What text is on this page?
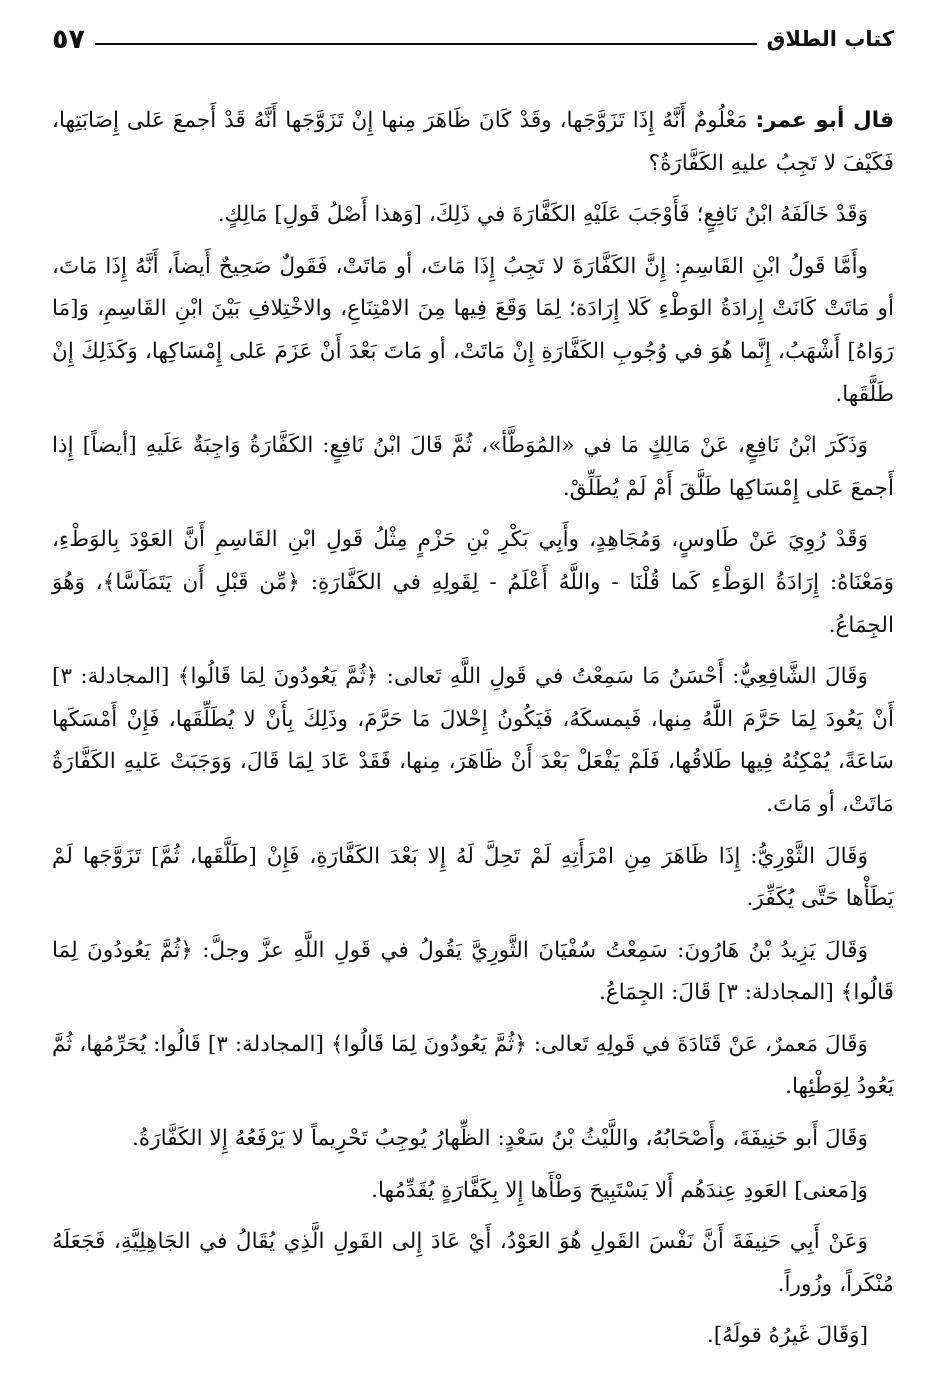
كتاب الطلاق
٥٧

قال أبو عمر: مَعْلُومٌ أَنَّهُ إِذَا تَزَوَّجَها، وقَدْ كَانَ ظَاهَرَ مِنها إِنْ تَزَوَّجَها أَنَّهُ قَدْ أَجمعَ عَلى إِصَابَتِها، فَكَيْفَ لا تَجِبُ عليهِ الكَفَّارَةُ؟

وَقَدْ خَالَفَهُ ابْنُ نَافِعٍ؛ فَأَوْجَبَ عَلَيْهِ الكَفَّارَةَ في ذَلِكَ، [وَهذا أَصْلُ قَولِ] مَالِكٍ.

وأَمَّا قَولُ ابْنِ القَاسِمِ: إِنَّ الكَفَّارَةَ لا تَجِبُ إِذَا مَاتَ، أو مَاتَتْ، فَقَولٌ صَحِيحٌ أَيضاً، أَنَّهُ إِذَا مَاتَ، أو مَاتَتْ كَانَتْ إِرادَةُ الوَطْءِ كَلا إِرَادَة؛ لِمَا وَقَعَ فِيها مِنَ الامْتِنَاعِ، والاخْتِلافِ بَيْنَ ابْنِ القَاسِمِ، وَ[مَا رَوَاهُ] أَشْهَبُ، إِنَّما هُوَ في وُجُوبِ الكَفَّارَةِ إِنْ مَاتَتْ، أو مَاتَ بَعْدَ أَنْ عَزَمَ عَلى إِمْسَاكِها، وَكَذَلِكَ إِنْ طَلَّقَها.

وَذَكَرَ ابْنُ نَافِعٍ، عَنْ مَالِكٍ مَا في «المُوَطَّأ»، ثُمَّ قَالَ ابْنُ نَافِعٍ: الكَفَّارَةُ وَاجِبَةٌ عَلَيهِ [أيضاً] إِذا أَجمعَ عَلى إِمْسَاكِها طَلَّقَ أَمْ لَمْ يُطَلِّقْ.

وَقَدْ رُوِيَ عَنْ طَاوسٍ، وَمُجَاهِدٍ، وأَبِي بَكْرِ بْنِ حَزْمٍ مِثْلُ قَولِ ابْنِ القَاسِمِ أَنَّ العَوْدَ بِالوَطْءِ، وَمَعْنَاهُ: إِرَادَةُ الوَطْءِ كَما قُلْنَا - واللَّهُ أَعْلَمُ - لِقَولِهِ في الكَفَّارَةِ: ﴿مِّن قَبْلِ أَن يَتَمَآسَّا﴾، وَهُوَ الجِمَاعُ.

وَقَالَ الشَّافِعِيُّ: أَحْسَنُ مَا سَمِعْتُ في قَولِ اللَّهِ تَعالى: ﴿ثُمَّ يَعُودُونَ لِمَا قَالُوا﴾ [المجادلة: ٣] أَنْ يَعُودَ لِمَا حَرَّمَ اللَّهُ مِنها، فَيمسكَهُ، فَيَكُونُ إِحْلالَ مَا حَرَّمَ، وذَلِكَ بِأَنْ لا يُطَلِّقَها، فَإِنْ أَمْسَكَها سَاعَةً، يُمْكِنُهُ فِيها طَلاقُها، فَلَمْ يَفْعَلْ بَعْدَ أَنْ ظَاهَرَ، مِنها، فَقَدْ عَادَ لِمَا قَالَ، وَوَجَبَتْ عَليهِ الكَفَّارَةُ مَاتَتْ، أو مَاتَ.

وَقَالَ الثَّوْرِيُّ: إِذَا ظَاهَرَ مِنِ امْرَأَتِهِ لَمْ تَحِلَّ لَهُ إِلا بَعْدَ الكَفَّارَةِ، فَإِنْ [طَلَّقَها، ثُمَّ] تَزَوَّجَها لَمْ يَطَأْها حَتَّى يُكَفِّرَ.

وَقَالَ يَزِيدُ بْنُ هَارُونَ: سَمِعْتُ سُفْيَانَ الثَّورِيَّ يَقُولُ في قَولِ اللَّهِ عزَّ وجلَّ: ﴿ثُمَّ يَعُودُونَ لِمَا قَالُوا﴾ [المجادلة: ٣] قَالَ: الجِمَاعُ.

وَقَالَ مَعمرٌ، عَنْ قَتَادَةَ في قَولِهِ تَعالى: ﴿ثُمَّ يَعُودُونَ لِمَا قَالُوا﴾ [المجادلة: ٣] قَالُوا: يُحَرِّمُها، ثُمَّ يَعُودُ لِوَطْئِها.

وَقَالَ أَبو حَنِيفَةَ، وأَصْحَابُهُ، واللَّيْثُ بْنُ سَعْدٍ: الظِّهارُ يُوجِبُ تَحْرِيماً لا يَرْفَعُهُ إِلا الكَفَّارَةُ.

وَ[مَعنى] العَودِ عِندَهُم أَلا يَسْتَبِيحَ وَطْأَها إِلا بِكَفَّارَةٍ يُقَدِّمُها.

وَعَنْ أَبِي حَنِيفَةَ أَنَّ نَفْسَ القَولِ هُوَ العَوْدُ، أَيْ عَادَ إِلى القَولِ الَّذِي يُقَالُ في الجَاهِلِيَّةِ، فَجَعَلَهُ مُنْكَراً، وزُوراً.

[وَقَالَ غَيرُهُ قولَهُ].
